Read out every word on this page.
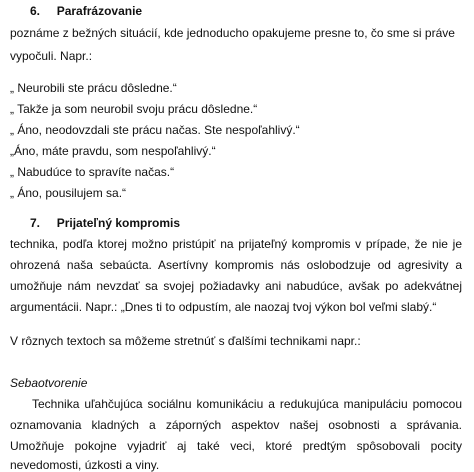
6. Parafrázovanie
poznáme z bežných situácií, kde jednoducho opakujeme presne to, čo sme si práve
vypočuli. Napr.:
„ Neurobili ste prácu dôsledne.“
„ Takže ja som neurobil svoju prácu dôsledne.“
„ Áno, neodovzdali ste prácu načas. Ste nespoľahlivý.“
„Áno, máte pravdu, som nespoľahlivý.“
„ Nabudúce to spravíte načas.“
„ Áno, pousilujem sa.“
7. Prijateľný kompromis
technika, podľa ktorej možno pristúpiť na prijateľný kompromis v prípade, že nie je
ohrozená naša sebaúcta. Asertívny kompromis nás oslobodzuje od agresivity a
umožňuje nám nevzdať sa svojej požiadavky ani nabudúce, avšak po adekvátnej
argumentácii. Napr.: „Dnes ti to odpustím, ale naozaj tvoj výkon bol veľmi slabý.“
V rôznych textoch sa môžeme stretnúť s ďalšími technikami napr.:
Sebaotvorenie
Technika uľahčujúca sociálnu komunikáciu a redukujúca manipuláciu pomocou
oznamovania kladných a záporných aspektov našej osobnosti a správania.
Umožňuje pokojne vyjadriť aj také veci, ktoré predtým spôsobovali pocity
nevedomosti, úzkosti a viny.
